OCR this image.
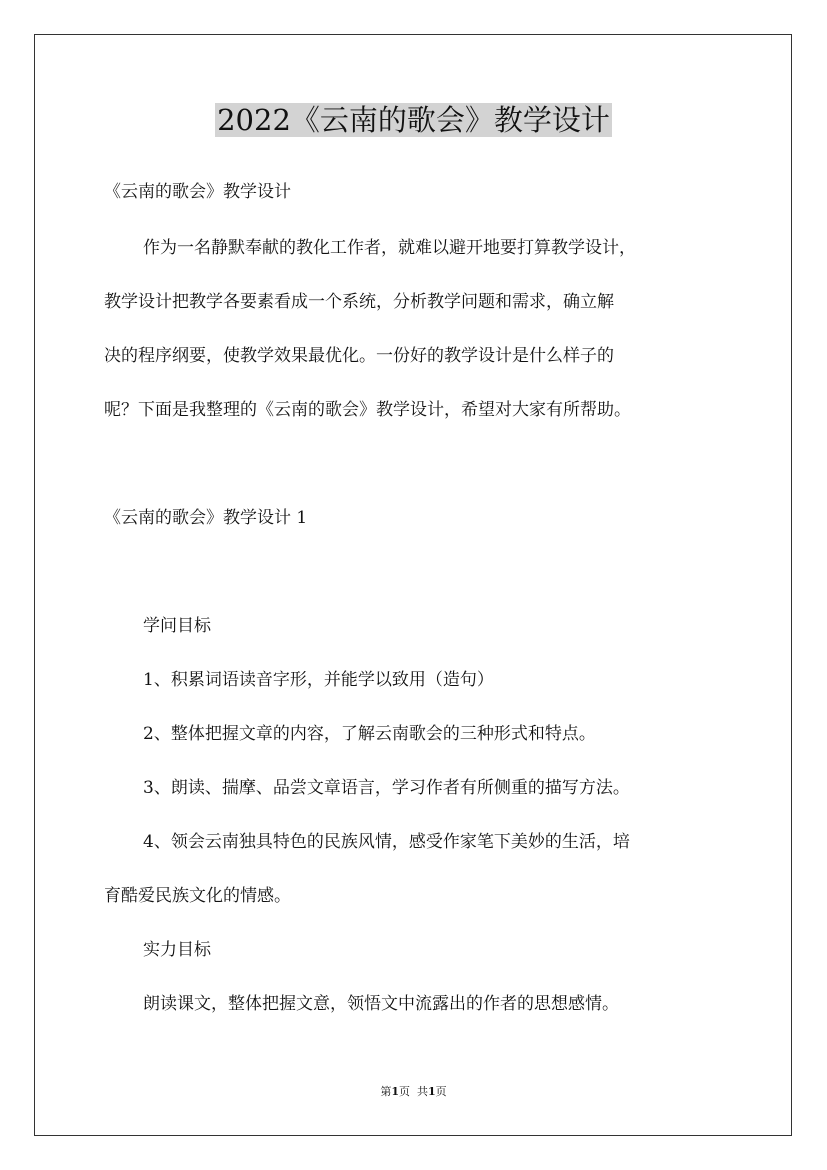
2022《云南的歌会》教学设计
《云南的歌会》教学设计
作为一名静默奉献的教化工作者，就难以避开地要打算教学设计，
教学设计把教学各要素看成一个系统，分析教学问题和需求，确立解
决的程序纲要，使教学效果最优化。一份好的教学设计是什么样子的
呢？下面是我整理的《云南的歌会》教学设计，希望对大家有所帮助。
《云南的歌会》教学设计 1
学问目标
1、积累词语读音字形，并能学以致用（造句）
2、整体把握文章的内容，了解云南歌会的三种形式和特点。
3、朗读、揣摩、品尝文章语言，学习作者有所侧重的描写方法。
4、领会云南独具特色的民族风情，感受作家笔下美妙的生活，培
育酷爱民族文化的情感。
实力目标
朗读课文，整体把握文意，领悟文中流露出的作者的思想感情。
第1页 共1页
